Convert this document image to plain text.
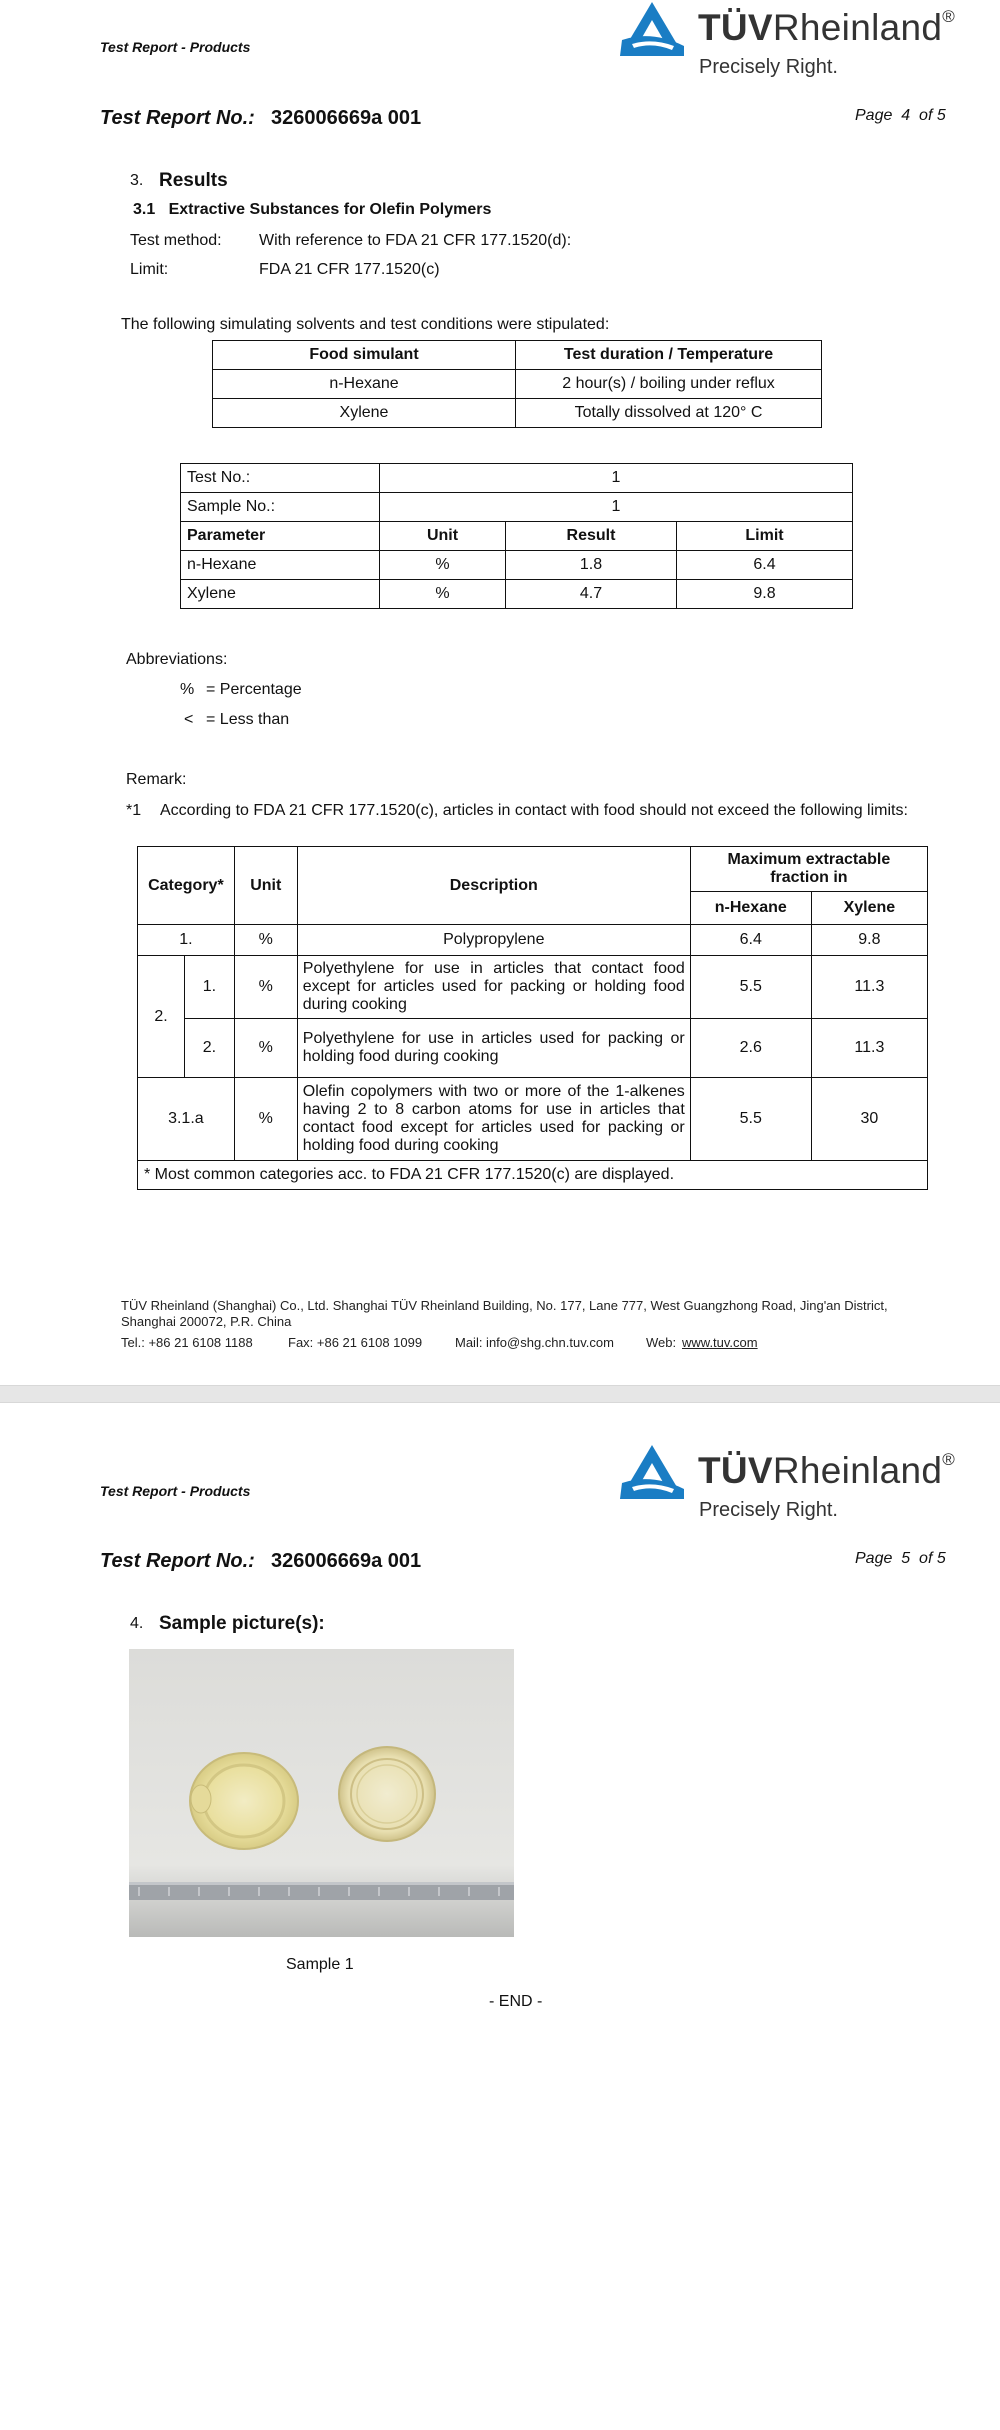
Test Report - Products	TÜVRheinland®
Precisely Right.
Test Report No.: 326006669a 001	Page  4  of 5
3. Results
3.1   Extractive Substances for Olefin Polymers
Test method: With reference to FDA 21 CFR 177.1520(d):
Limit:	FDA 21 CFR 177.1520(c)
The following simulating solvents and test conditions were stipulated:
Food simulant	Test duration / Temperature
n-Hexane	2 hour(s) / boiling under reflux
Xylene	Totally dissolved at 120° C
Test No.:	1		
Sample No.:	1		
Parameter	Unit	Result	Limit
n-Hexane	%	1.8	6.4
Xylene	%	4.7	9.8
Abbreviations:
% = Percentage
< = Less than
Remark:
*1 According to FDA 21 CFR 177.1520(c), articles in contact with food should not exceed the following limits:
Category*		Unit	Description	Maximum extractable fraction in	
				n-Hexane	Xylene
1.		%	Polypropylene	6.4	9.8
2.	1.	%	Polyethylene for use in articles that contact food except for articles used for packing or holding food during cooking	5.5	11.3
	2.	%	Polyethylene for use in articles used for packing or holding food during cooking	2.6	11.3
3.1.a		%	Olefin copolymers with two or more of the 1-alkenes having 2 to 8 carbon atoms for use in articles that contact food except for articles used for packing or holding food during cooking	5.5	30
* Most common categories acc. to FDA 21 CFR 177.1520(c) are displayed.					
TÜV Rheinland (Shanghai) Co., Ltd. Shanghai TÜV Rheinland Building, No. 177, Lane 777, West Guangzhong Road, Jing'an District, Shanghai 200072, P.R. China
Tel.: +86 21 6108 1188	Fax: +86 21 6108 1099	Mail: info@shg.chn.tuv.com Web: www.tuv.com
Test Report - Products	TÜVRheinland®
Precisely Right.
Test Report No.: 326006669a 001	Page  5  of 5
4. Sample picture(s):
Sample 1
- END -
